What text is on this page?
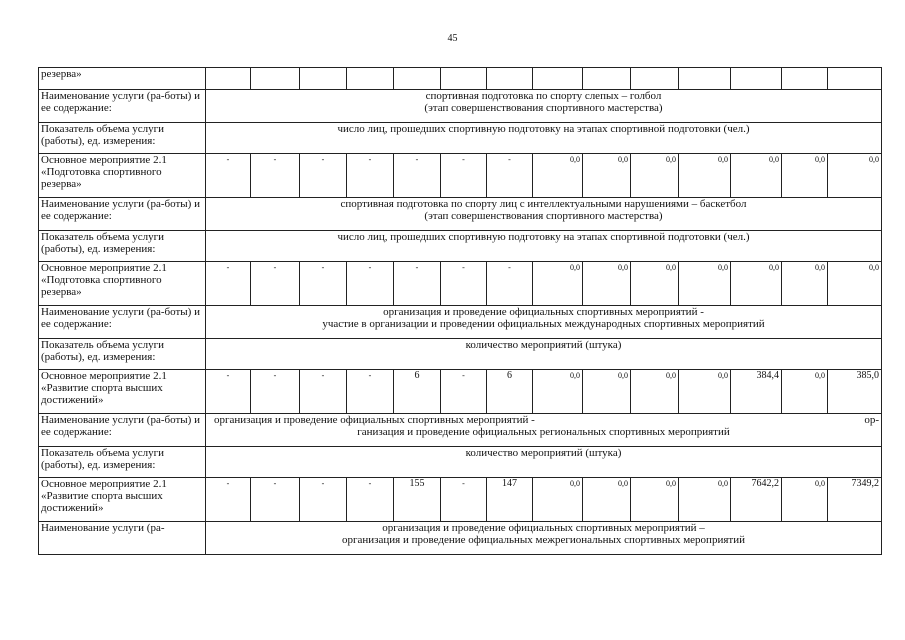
45
резерва»														
Наименование услуги (ра-боты) и ее содержание:	спортивная подготовка по спорту слепых – голбол
(этап совершенствования спортивного мастерства)													

Показатель объема услуги (работы), ед. измерения:	число лиц, прошедших спортивную подготовку на этапах спортивной подготовки (чел.)													

Основное мероприятие 2.1 «Подготовка спортивного резерва»	-	-	-	-	-	-	-	0,0	0,0	0,0	0,0	0,0	0,0	0,0
Наименование услуги (ра-боты) и ее содержание:	спортивная подготовка по спорту лиц с интеллектуальными нарушениями – баскетбол
(этап совершенствования спортивного мастерства)													

Показатель объема услуги (работы), ед. измерения:	число лиц, прошедших спортивную подготовку на этапах спортивной подготовки (чел.)													

Основное мероприятие 2.1 «Подготовка спортивного резерва»	-	-	-	-	-	-	-	0,0	0,0	0,0	0,0	0,0	0,0	0,0
Наименование услуги (ра-боты) и ее содержание:	организация и проведение официальных спортивных мероприятий -
участие в организации и проведении официальных международных спортивных мероприятий													

Показатель объема услуги (работы), ед. измерения:	количество мероприятий (штука)													

Основное мероприятие 2.1 «Развитие спорта высших достижений»	-	-	-	-	6	-	6	0,0	0,0	0,0	0,0	384,4	0,0	385,0
Наименование услуги (ра-боты) и ее содержание:	организация и проведение официальных спортивных мероприятий - ор-
ганизация и проведение официальных региональных спортивных мероприятий													

Показатель объема услуги (работы), ед. измерения:	количество мероприятий (штука)													

Основное мероприятие 2.1 «Развитие спорта высших достижений»	-	-	-	-	155	-	147	0,0	0,0	0,0	0,0	7642,2	0,0	7349,2
Наименование услуги (ра-	организация и проведение официальных спортивных мероприятий –
организация и проведение официальных межрегиональных спортивных мероприятий													
